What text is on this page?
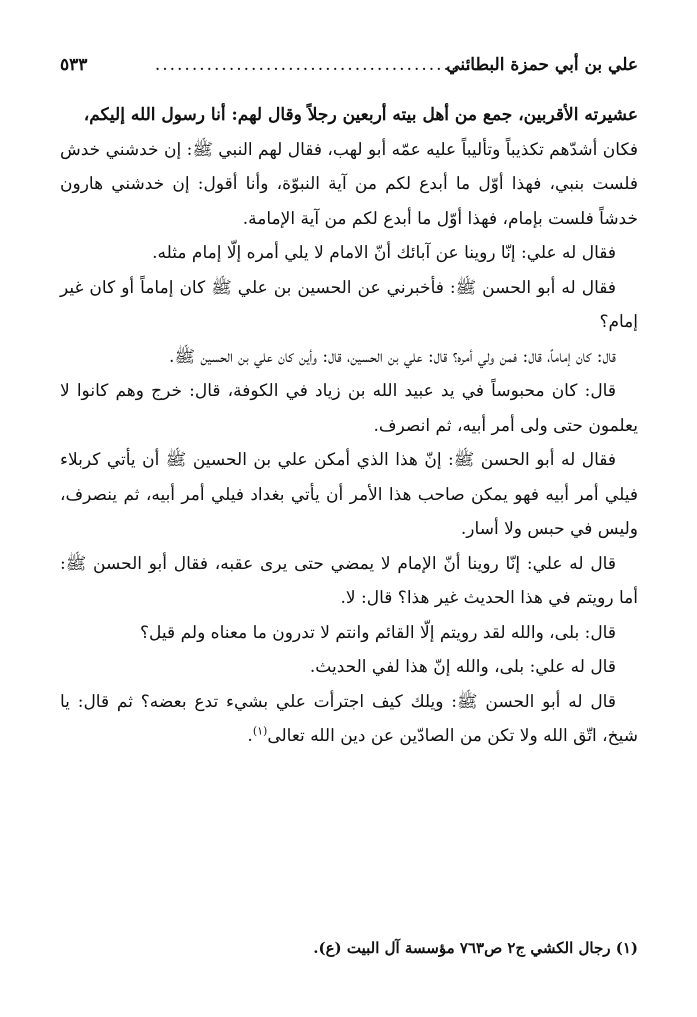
علي بن أبي حمزة البطائني
...........................................
٥٣٣

عشيرته الأقربين، جمع من أهل بيته أربعين رجلاً وقال لهم: أنا رسول الله إليكم،

فكان أشدّهم تكذيباً وتأليباً عليه عمّه أبو لهب، فقال لهم النبي ﷺ: إن خدشني خدش فلست بنبي، فهذا أوّل ما أبدع لكم من آية النبوّة، وأنا أقول: إن خدشني هارون خدشاً فلست بإمام، فهذا أوّل ما أبدع لكم من آية الإمامة.

فقال له علي: إنّا روينا عن آبائك أنّ الامام لا يلي أمره إلّا إمام مثله.

فقال له أبو الحسن ﷺ: فأخبرني عن الحسين بن علي ﷺ كان إماماً أو كان غير إمام؟

قال: كان إماماً، قال: فمن ولي أمره؟ قال: علي بن الحسين، قال: وأين كان علي بن الحسين ﷺ.

قال: كان محبوساً في يد عبيد الله بن زياد في الكوفة، قال: خرج وهم كانوا لا يعلمون حتى ولى أمر أبيه، ثم انصرف.

فقال له أبو الحسن ﷺ: إنّ هذا الذي أمكن علي بن الحسين ﷺ أن يأتي كربلاء فيلي أمر أبيه فهو يمكن صاحب هذا الأمر أن يأتي بغداد فيلي أمر أبيه، ثم ينصرف، وليس في حبس ولا أسار.

قال له علي: إنّا روينا أنّ الإمام لا يمضي حتى يرى عقبه، فقال أبو الحسن ﷺ: أما رويتم في هذا الحديث غير هذا؟ قال: لا.

قال: بلى، والله لقد رويتم إلّا القائم وانتم لا تدرون ما معناه ولم قيل؟

قال له علي: بلى، والله إنّ هذا لفي الحديث.

قال له أبو الحسن ﷺ: ويلك كيف اجترأت علي بشيء تدع بعضه؟ ثم قال: يا شيخ، اتّق الله ولا تكن من الصادّين عن دين الله تعالى$^{(١)}$.

(١) رجال الكشي ج٢ ص٧٦٣ مؤسسة آل البيت (ع).
